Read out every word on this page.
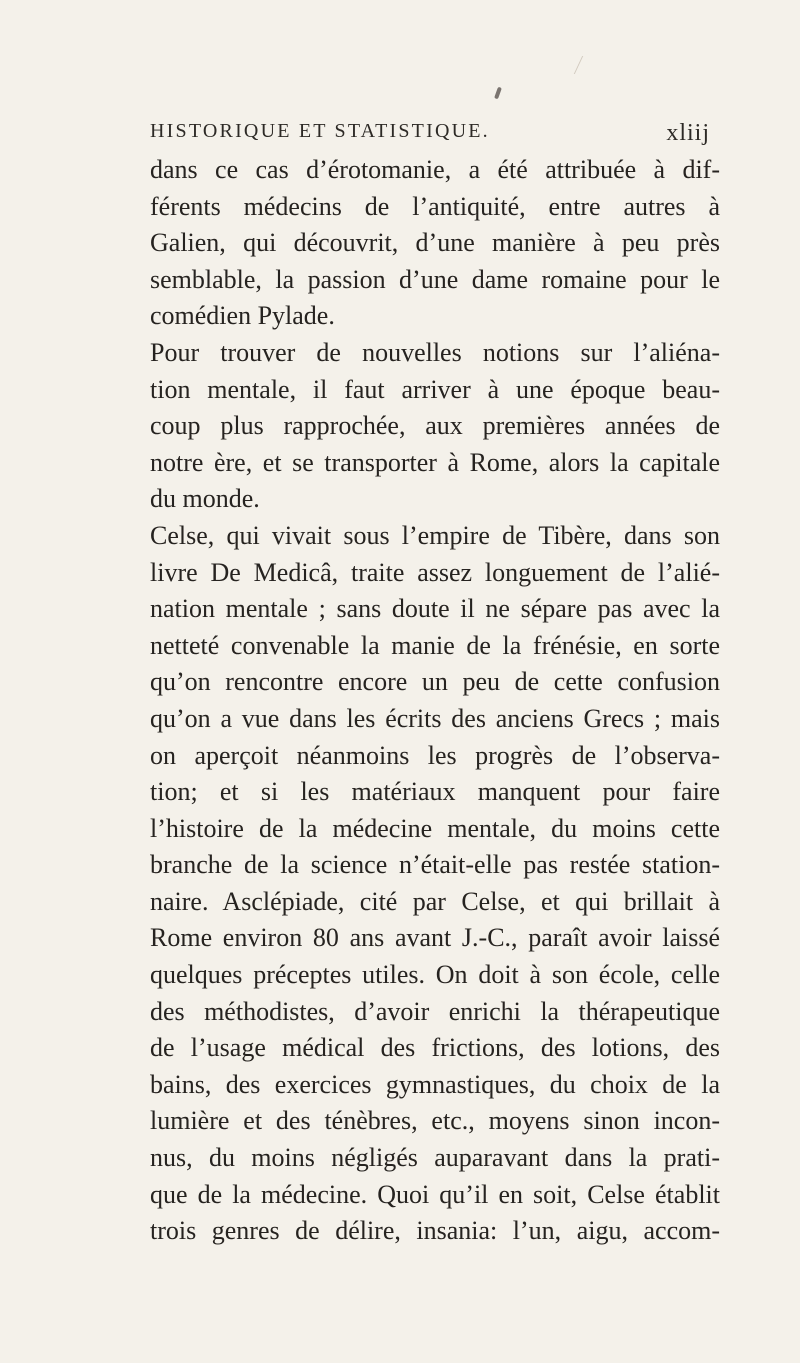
HISTORIQUE ET STATISTIQUE.	xliij
dans ce cas d’érotomanie, a été attribuée à dif-
férents médecins de l’antiquité, entre autres à
Galien, qui découvrit, d’une manière à peu près
semblable, la passion d’une dame romaine pour le
comédien Pylade.
Pour trouver de nouvelles notions sur l’aliéna-
tion mentale, il faut arriver à une époque beau-
coup plus rapprochée, aux premières années de
notre ère, et se transporter à Rome, alors la capitale
du monde.
Celse, qui vivait sous l’empire de Tibère, dans son
livre De Medicâ, traite assez longuement de l’alié-
nation mentale ; sans doute il ne sépare pas avec la
netteté convenable la manie de la frénésie, en sorte
qu’on rencontre encore un peu de cette confusion
qu’on a vue dans les écrits des anciens Grecs ; mais
on aperçoit néanmoins les progrès de l’observa-
tion; et si les matériaux manquent pour faire
l’histoire de la médecine mentale, du moins cette
branche de la science n’était-elle pas restée station-
naire. Asclépiade, cité par Celse, et qui brillait à
Rome environ 80 ans avant J.-C., paraît avoir laissé
quelques préceptes utiles. On doit à son école, celle
des méthodistes, d’avoir enrichi la thérapeutique
de l’usage médical des frictions, des lotions, des
bains, des exercices gymnastiques, du choix de la
lumière et des ténèbres, etc., moyens sinon incon-
nus, du moins négligés auparavant dans la prati-
que de la médecine. Quoi qu’il en soit, Celse établit
trois genres de délire, insania: l’un, aigu, accom-
